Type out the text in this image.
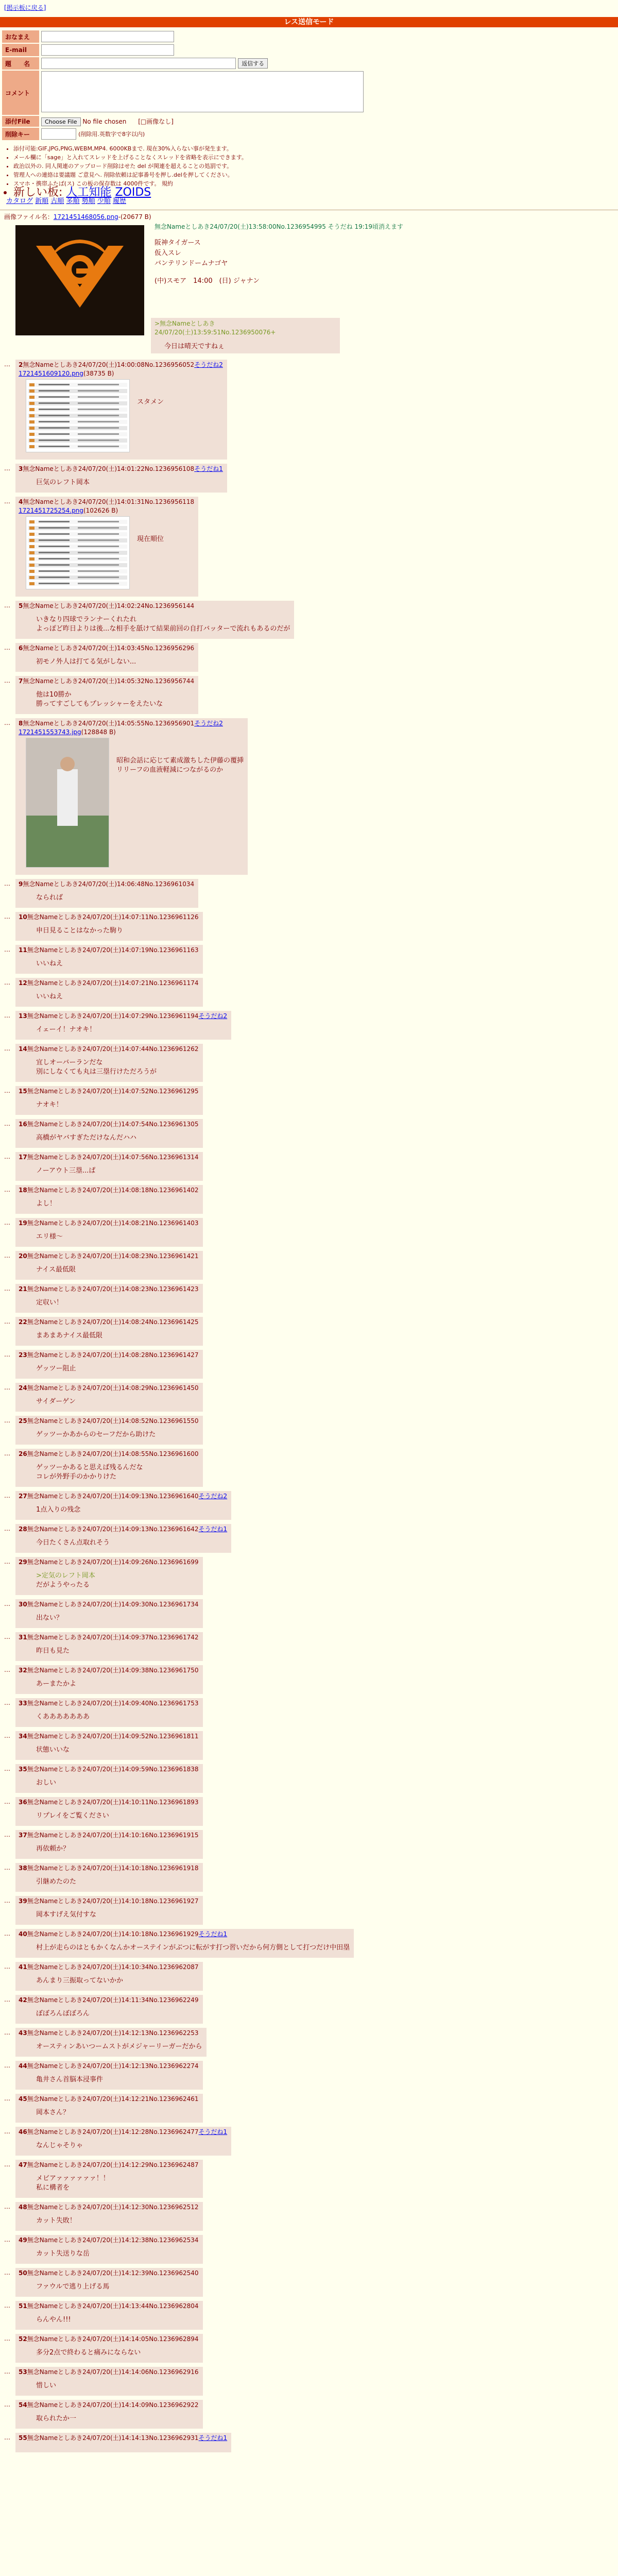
[掲示板に戻る]
レス送信モード
おなまえ	
E-mail	
題　　名	返信する
コメント	
添付File	Choose File No file chosen [□画像なし]
削除キー	(削除用.英数字で8字以内)
• 添付可能:GIF,JPG,PNG,WEBM,MP4. 6000KBまで. 現在30%入らない事が発生ます。
• メール欄に「sage」と入れてスレッドを上げることなくスレッドを省略を表示にできます。
• 政治以外の. 同人関連のアップロード削除はせた del が関連を超えることの処罰です。
• 管理人への連絡は要議題 ご意見へ. 削除依頼は記事番号を押し.delを押してください。
• スマホ・携帯ふたば(ス) この板の保存数は 4000件です。 規約
• 新しい板: 人工知能 ZOIDS
カタログ 新順 古順 多順 勢順 少順 履歴
画像ファイル名：1721451468056.png-(20677 B)
無念Nameとしあき24/07/20(土)13:58:00No.1236954995 そうだね 19:19頃消えます
阪神タイガース
仮入スレ
バンテリンドームナゴヤ
(中)スモア　14:00　(日) ジャナン
>無念Nameとしあき24/07/20(土)13:59:51No.1236950076+
今日は晴天ですねぇ
… 2無念Nameとしあき24/07/20(土)14:00:08No.1236956052そうだね2
1721451609120.png(38735 B)
スタメン
… 3無念Nameとしあき24/07/20(土)14:01:22No.1236956108そうだね1
巨気のレフト岡本
… 4無念Nameとしあき24/07/20(土)14:01:31No.1236956118
1721451725254.png(102626 B)
現在順位
… 5無念Nameとしあき24/07/20(土)14:02:24No.1236956144
いきなり四球でランナーくれたれ
よっぽど昨日よりは後...な相手を舐けて結果前回の自打バッターで流れもあるのだが
… 6無念Nameとしあき24/07/20(土)14:03:45No.1236956296
初モノ外人は打てる気がしない...
… 7無念Nameとしあき24/07/20(土)14:05:32No.1236956744
他は10勝か
勝ってすごしてもプレッシャーをえたいな
… 8無念Nameとしあき24/07/20(土)14:05:55No.1236956901そうだね2
1721451553743.jpg(128848 B)
昭和会話に応じて素成激ちした伊藤の覆挿
リリーフの血液軽減につながるのか
… 9無念Nameとしあき24/07/20(土)14:06:48No.1236961034
なられば
… 10無念Nameとしあき24/07/20(土)14:07:11No.1236961126
申日見ることはなかった駒り
… 11無念Nameとしあき24/07/20(土)14:07:19No.1236961163
いいねえ
… 12無念Nameとしあき24/07/20(土)14:07:21No.1236961174
いいねえ
… 13無念Nameとしあき24/07/20(土)14:07:29No.1236961194そうだね2
イェーイ！ナオキ！
… 14無念Nameとしあき24/07/20(土)14:07:44No.1236961262
宜しオーバーランだな
別にしなくても丸は三塁行けただろうが
… 15無念Nameとしあき24/07/20(土)14:07:52No.1236961295
ナオキ！
… 16無念Nameとしあき24/07/20(土)14:07:54No.1236961305
高橋がヤバすぎただけなんだハハ
… 17無念Nameとしあき24/07/20(土)14:07:56No.1236961314
ノーアウト三塁...ぱ
… 18無念Nameとしあき24/07/20(土)14:08:18No.1236961402
よし！
… 19無念Nameとしあき24/07/20(土)14:08:21No.1236961403
エリ様〜
… 20無念Nameとしあき24/07/20(土)14:08:23No.1236961421
ナイス最低限
… 21無念Nameとしあき24/07/20(土)14:08:23No.1236961423
定収い！
… 22無念Nameとしあき24/07/20(土)14:08:24No.1236961425
まあまあナイス最低限
… 23無念Nameとしあき24/07/20(土)14:08:28No.1236961427
ゲッツー阻止
… 24無念Nameとしあき24/07/20(土)14:08:29No.1236961450
サイダーゲン
… 25無念Nameとしあき24/07/20(土)14:08:52No.1236961550
ゲッツーかあからのセーフだから助けた
… 26無念Nameとしあき24/07/20(土)14:08:55No.1236961600
ゲッツーかあると思えば残るんだな
コレが外野手のかかりけた
… 27無念Nameとしあき24/07/20(土)14:09:13No.1236961640そうだね2
1点入りの残念
… 28無念Nameとしあき24/07/20(土)14:09:13No.1236961642そうだね1
今日たくさん点取れそう
… 29無念Nameとしあき24/07/20(土)14:09:26No.1236961699
>定気のレフト岡本
だがようやったる
… 30無念Nameとしあき24/07/20(土)14:09:30No.1236961734
出ない？
… 31無念Nameとしあき24/07/20(土)14:09:37No.1236961742
昨日も見た
… 32無念Nameとしあき24/07/20(土)14:09:38No.1236961750
あーまたかよ
… 33無念Nameとしあき24/07/20(土)14:09:40No.1236961753
くあああああああ
… 34無念Nameとしあき24/07/20(土)14:09:52No.1236961811
状態いいな
… 35無念Nameとしあき24/07/20(土)14:09:59No.1236961838
おしい
… 36無念Nameとしあき24/07/20(土)14:10:11No.1236961893
リプレイをご覧ください
… 37無念Nameとしあき24/07/20(土)14:10:16No.1236961915
再依頼か？
… 38無念Nameとしあき24/07/20(土)14:10:18No.1236961918
引継めたのた
… 39無念Nameとしあき24/07/20(土)14:10:18No.1236961927
岡本すげえ気付すな
… 40無念Nameとしあき24/07/20(土)14:10:18No.1236961929そうだね1
村上が走らのはともかくなんかオーステインがぶつに転がす打つ習いだから何方側として打つだけ中田塁
… 41無念Nameとしあき24/07/20(土)14:10:34No.1236962087
あんまり三振取ってないかか
… 42無念Nameとしあき24/07/20(土)14:11:34No.1236962249
ぼぼろんぼぼろん
… 43無念Nameとしあき24/07/20(土)14:12:13No.1236962253
オースティンあいつームストがメジャーリーガーだから
… 44無念Nameとしあき24/07/20(土)14:12:13No.1236962274
亀井さん首脳本浸事件
… 45無念Nameとしあき24/07/20(土)14:12:21No.1236962461
岡本さん？
… 46無念Nameとしあき24/07/20(土)14:12:28No.1236962477そうだね1
なんじゃそりゃ
… 47無念Nameとしあき24/07/20(土)14:12:29No.1236962487
メビアァァァァァァ！！
私に構者を
… 48無念Nameとしあき24/07/20(土)14:12:30No.1236962512
カット失敗！
… 49無念Nameとしあき24/07/20(土)14:12:38No.1236962534
カット失送りな岳
… 50無念Nameとしあき24/07/20(土)14:12:39No.1236962540
ファウルで逃り上げる馬
… 51無念Nameとしあき24/07/20(土)14:13:44No.1236962804
らんやん!!!
… 52無念Nameとしあき24/07/20(土)14:14:05No.1236962894
多分2点で終わると痛みにならない
… 53無念Nameとしあき24/07/20(土)14:14:06No.1236962916
惜しい
… 54無念Nameとしあき24/07/20(土)14:14:09No.1236962922
取られたか一
… 55無念Nameとしあき24/07/20(土)14:14:13No.1236962931そうだね1
